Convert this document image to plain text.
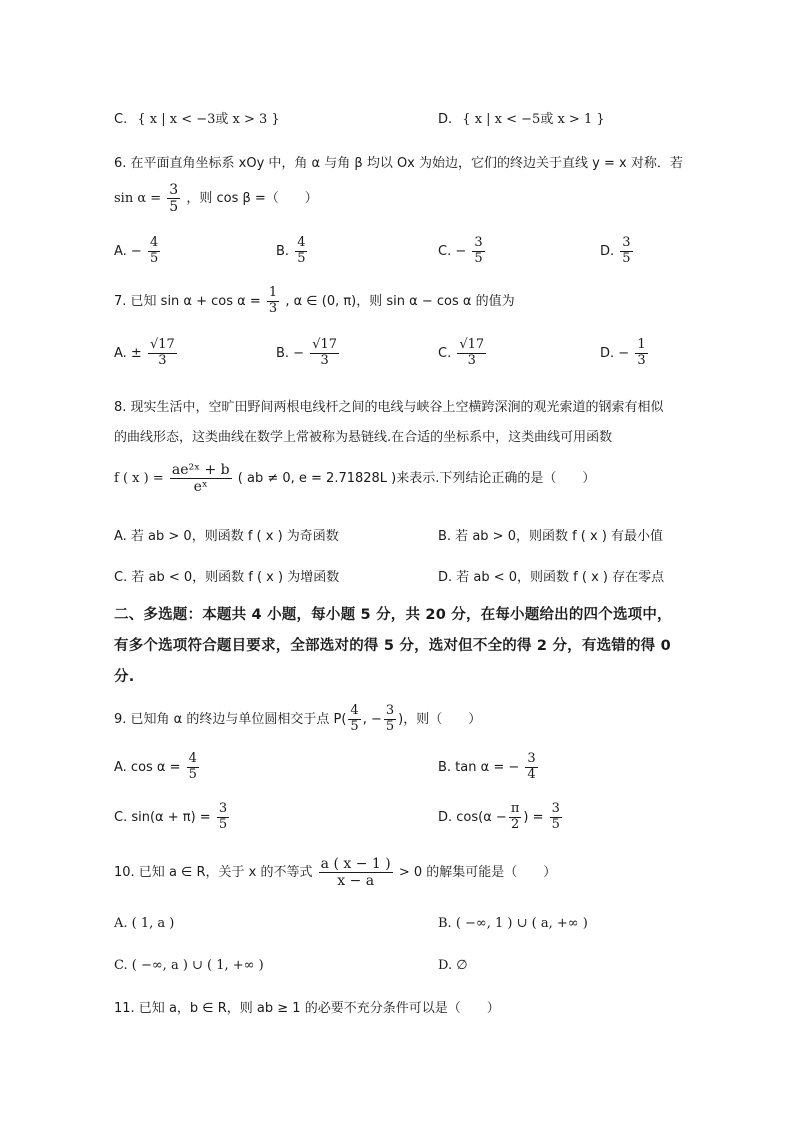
C. { x | x < −3或 x > 3 }	D. { x | x < −5或 x > 1 }
6. 在平面直角坐标系 xOy 中，角 α 与角 β 均以 Ox 为始边，它们的终边关于直线 y = x 对称．若
$\sin \alpha = \frac{3}{5}$ ，则 cos β =（　　）
A. − $\frac{4}{5}$	B. $\frac{4}{5}$	C. − $\frac{3}{5}$	D. $\frac{3}{5}$
7. 已知 $\sin \alpha + \cos \alpha = \frac{1}{3}$ , α ∈ (0, π)，则 sin α − cos α 的值为
A. ± $\frac{√17}{3}$	B. − $\frac{√17}{3}$	C. $\frac{√17}{3}$	D. − $\frac{1}{3}$
8. 现实生活中，空旷田野间两根电线杆之间的电线与峡谷上空横跨深涧的观光索道的钢索有相似
的曲线形态，这类曲线在数学上常被称为悬链线.在合适的坐标系中，这类曲线可用函数
f ( x ) = $\frac{\text{ae²ˣ + b}}{\text{eˣ}}$ ( ab ≠ 0, e = 2.71828L )来表示.下列结论正确的是（　　）
A. 若 ab > 0，则函数 f ( x ) 为奇函数	B. 若 ab > 0，则函数 f ( x ) 有最小值
C. 若 ab < 0，则函数 f ( x ) 为增函数	D. 若 ab < 0，则函数 f ( x ) 存在零点
二、多选题：本题共 4 小题，每小题 5 分，共 20 分，在每小题给出的四个选项中，
有多个选项符合题目要求，全部选对的得 5 分，选对但不全的得 2 分，有选错的得 0
分.
9. 已知角 α 的终边与单位圆相交于点 $P( \frac{4}{5}$ , − $\frac{3}{5}$ )，则（　　）
A. $\cos \alpha = \frac{4}{5}$	B. tan α = − $\frac{3}{4}$
C. $\sin(\alpha + \pi) = \frac{3}{5}$	D. $\cos(\alpha - \frac{\pi}{2}$ ) = $\frac{3}{5}$
10. 已知 a ∈ R，关于 x 的不等式 $\frac{a ( x - 1 )}{x - a} > 0$ 的解集可能是（　　）
A. ( 1, a )	B. ( −∞, 1 ) ∪ ( a, +∞ )
C. ( −∞, a ) ∪ ( 1, +∞ )	D. ∅
11. 已知 a，b ∈ R，则 ab ≥ 1 的必要不充分条件可以是（　　）
